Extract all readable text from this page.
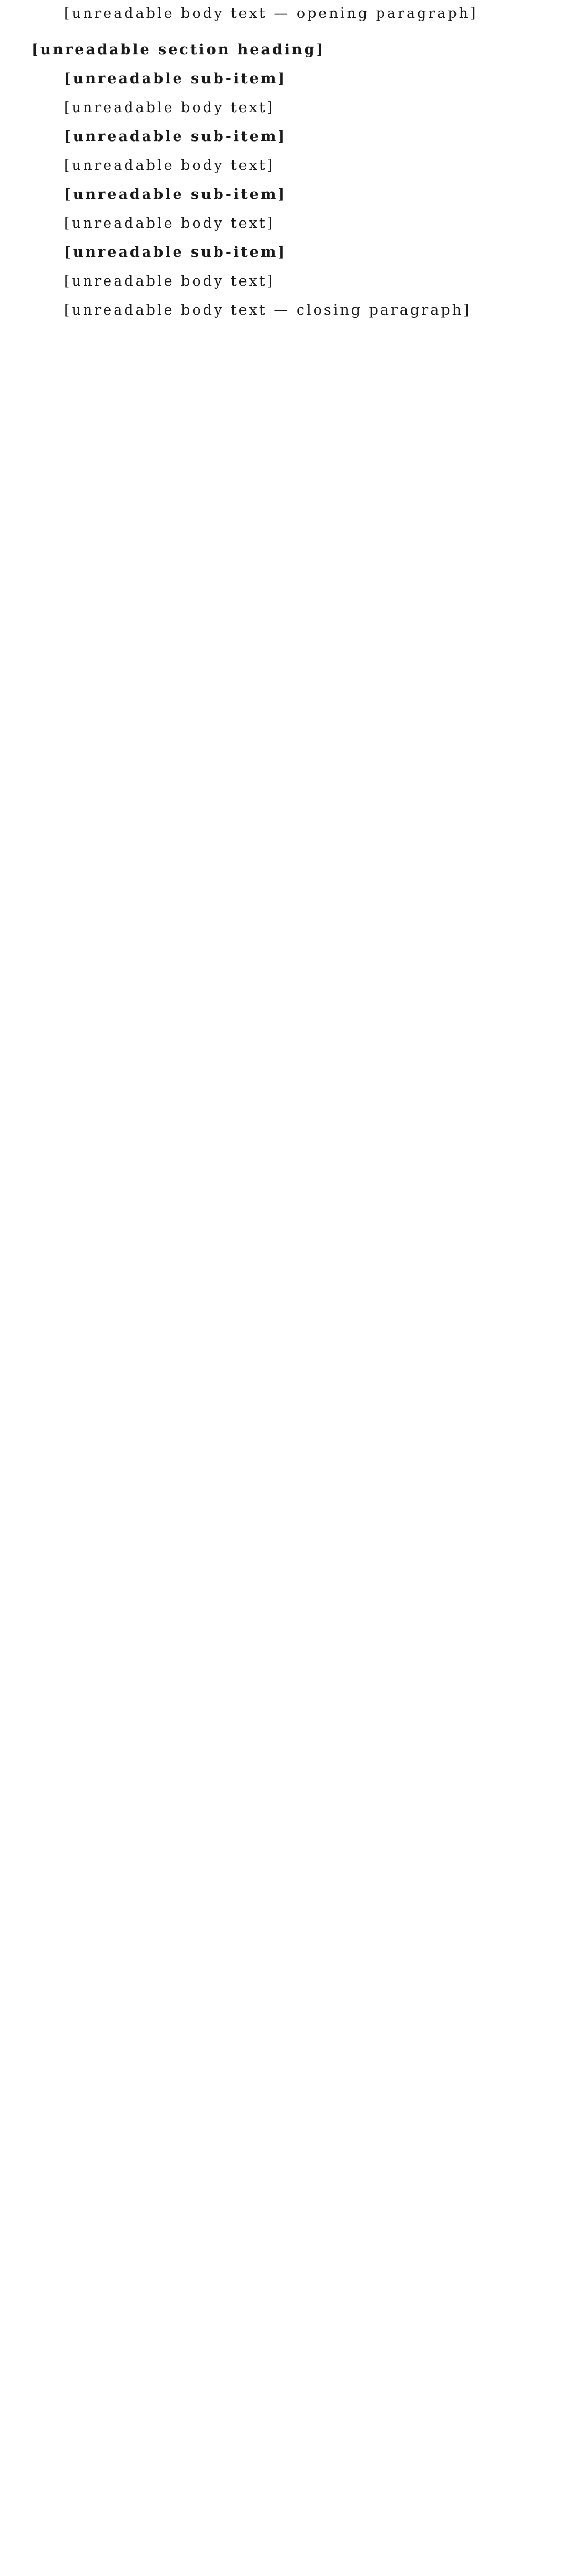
[unreadable body text — opening paragraph]

[unreadable section heading]

[unreadable sub-item]

[unreadable body text]

[unreadable sub-item]

[unreadable body text]

[unreadable sub-item]

[unreadable body text]

[unreadable sub-item]

[unreadable body text]

[unreadable body text — closing paragraph]
